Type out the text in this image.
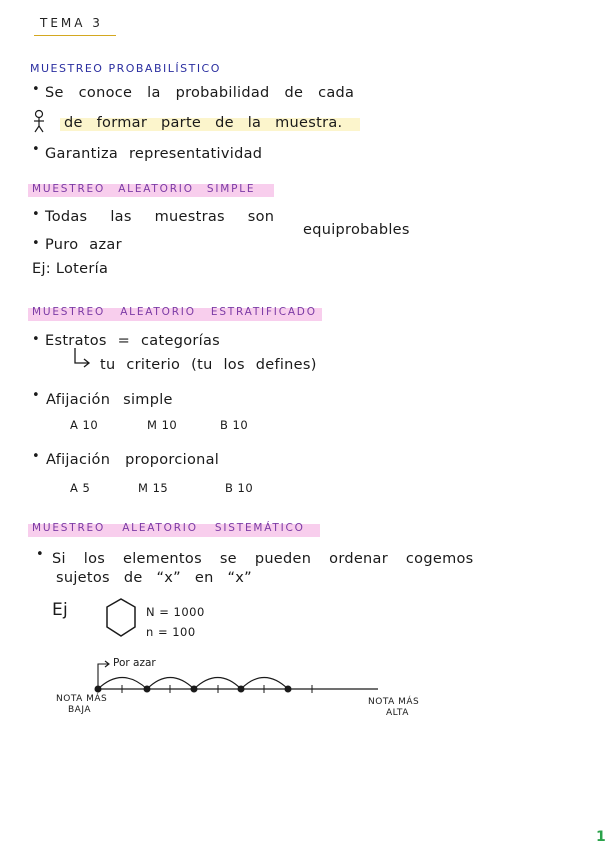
TEMA 3
MUESTREO PROBABILÍSTICO
• Se conoce la probabilidad de cada
de formar parte de la muestra.
• Garantiza representatividad
MUESTREO ALEATORIO SIMPLE
• Todas las muestras son
equiprobables
• Puro azar
Ej: Lotería
MUESTREO ALEATORIO ESTRATIFICADO
• Estratos = categorías
tu criterio (tu los defines)
• Afijación simple
A 10	M 10	B 10
• Afijación proporcional
A 5	M 15	B 10
MUESTREO ALEATORIO SISTEMÁTICO
• Si los elementos se pueden ordenar cogemos
sujetos de “x” en “x”
Ej	N = 1000
n = 100
Por azar
NOTA MÁS
BAJA
NOTA MÁS
ALTA
1
